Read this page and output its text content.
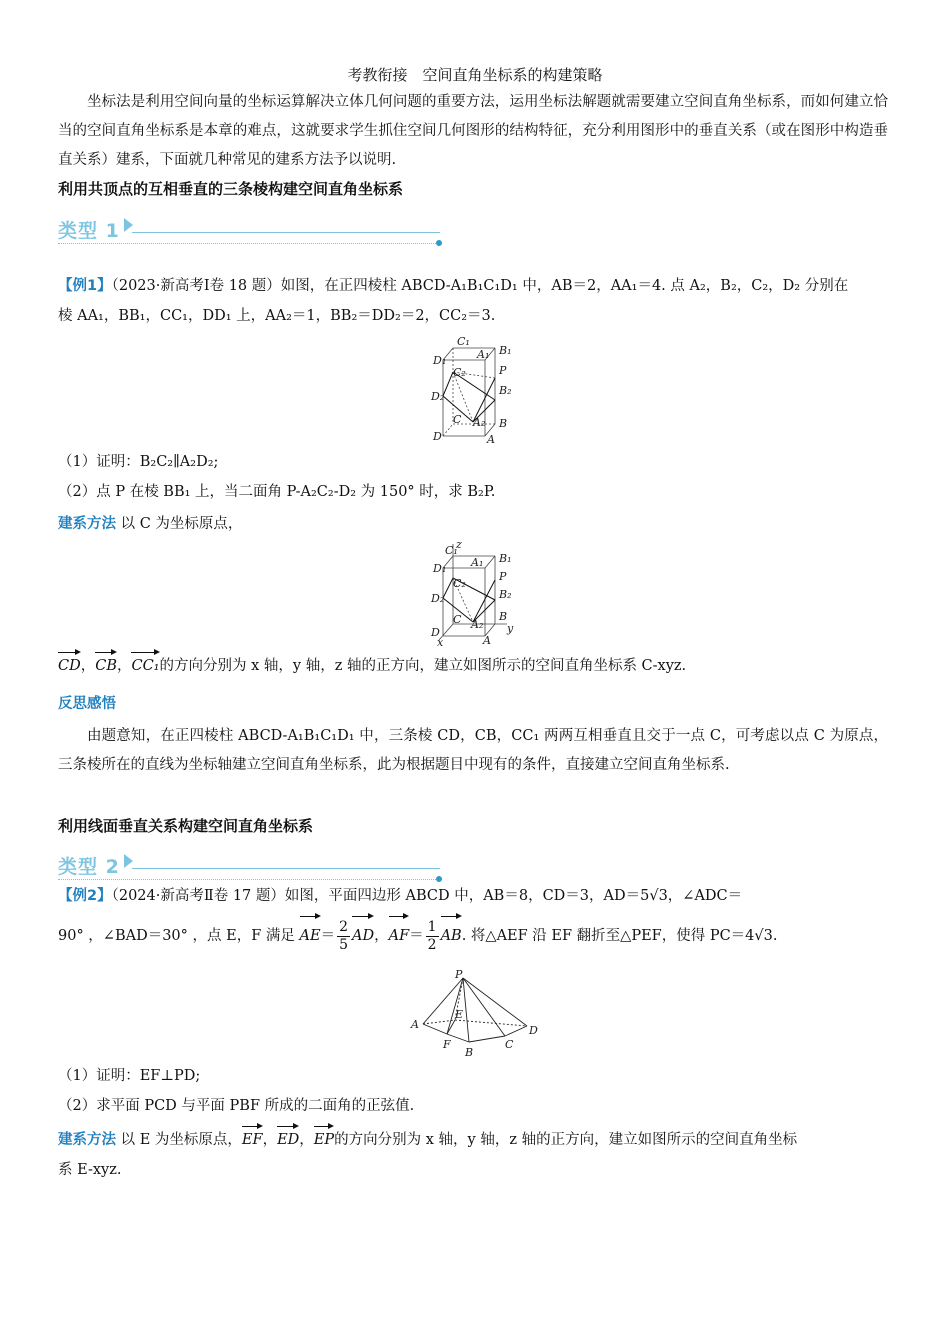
考教衔接　空间直角坐标系的构建策略
坐标法是利用空间向量的坐标运算解决立体几何问题的重要方法，运用坐标法解题就需要建立空间直角坐标系，而如何建立恰当的空间直角坐标系是本章的难点，这就要求学生抓住空间几何图形的结构特征，充分利用图形中的垂直关系（或在图形中构造垂直关系）建系，下面就几种常见的建系方法予以说明.
利用共顶点的互相垂直的三条棱构建空间直角坐标系
类型 1
【例1】（2023·新高考Ⅰ卷 18 题）如图，在正四棱柱 ABCD-A₁B₁C₁D₁ 中，AB＝2，AA₁＝4. 点 A₂，B₂，C₂，D₂ 分别在
棱 AA₁，BB₁，CC₁，DD₁ 上，AA₂＝1，BB₂＝DD₂＝2，CC₂＝3.
C₁
A₁ B₁
D₁
C₂	P
B₂
D₂
A₂
C	B
D	A
（1）证明：B₂C₂∥A₂D₂;
（2）点 P 在棱 BB₁ 上，当二面角 P-A₂C₂-D₂ 为 150° 时，求 B₂P.
建系方法 以 C 为坐标原点，
z
C₁
A₁ B₁
D₁
C₂
P
B₂
D₂
A₂
C	B
D
A
x
y
CD，CB，CC₁的方向分别为 x 轴，y 轴，z 轴的正方向，建立如图所示的空间直角坐标系 C-xyz.
反思感悟
由题意知，在正四棱柱 ABCD-A₁B₁C₁D₁ 中，三条棱 CD，CB，CC₁ 两两互相垂直且交于一点 C，可考虑以点 C 为原点，三条棱所在的直线为坐标轴建立空间直角坐标系，此为根据题目中现有的条件，直接建立空间直角坐标系.
利用线面垂直关系构建空间直角坐标系
类型 2
【例2】（2024·新高考Ⅱ卷 17 题）如图，平面四边形 ABCD 中，AB＝8，CD＝3，AD＝5√3，∠ADC＝
90° ，∠BAD＝30° ，点 E，F 满足 $AE= \frac{2}{5}$ AD，$AF= \frac{1}{2}$ AB. 将△AEF 沿 EF 翻折至△PEF，使得 PC＝4√3.
P
A
E
F
B
C
D
（1）证明：EF⊥PD;
（2）求平面 PCD 与平面 PBF 所成的二面角的正弦值.
建系方法 以 E 为坐标原点，EF，ED，EP的方向分别为 x 轴，y 轴，z 轴的正方向，建立如图所示的空间直角坐标
系 E-xyz.
